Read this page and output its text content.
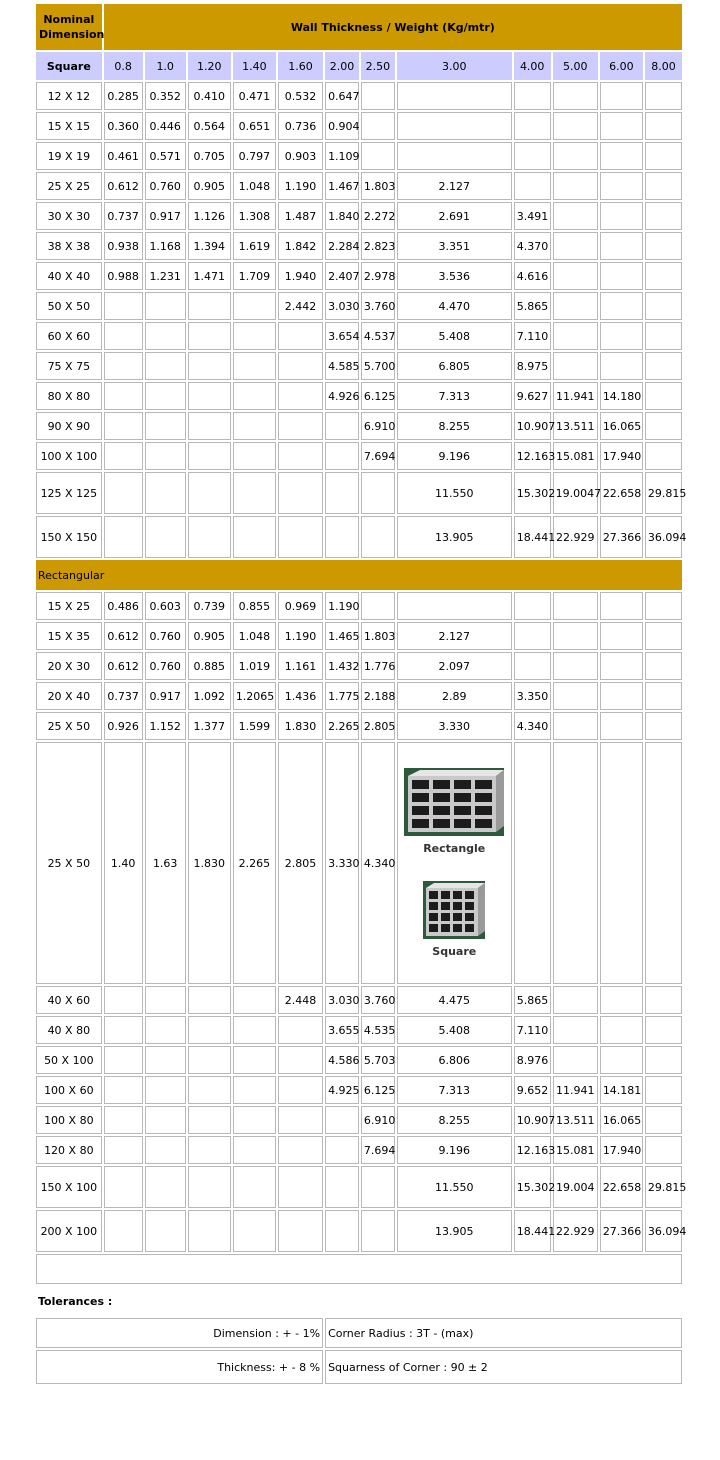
Nominal Dimension	Wall Thickness / Weight (Kg/mtr)											
Square	0.8	1.0	1.20	1.40	1.60	2.00	2.50	3.00	4.00	5.00	6.00	8.00
12 X 12	0.285	0.352	0.410	0.471	0.532	0.647						
15 X 15	0.360	0.446	0.564	0.651	0.736	0.904						
19 X 19	0.461	0.571	0.705	0.797	0.903	1.109						
25 X 25	0.612	0.760	0.905	1.048	1.190	1.467	1.803	2.127				
30 X 30	0.737	0.917	1.126	1.308	1.487	1.840	2.272	2.691	3.491			
38 X 38	0.938	1.168	1.394	1.619	1.842	2.284	2.823	3.351	4.370			
40 X 40	0.988	1.231	1.471	1.709	1.940	2.407	2.978	3.536	4.616			
50 X 50					2.442	3.030	3.760	4.470	5.865			
60 X 60						3.654	4.537	5.408	7.110			
75 X 75						4.585	5.700	6.805	8.975			
80 X 80						4.926	6.125	7.313	9.627	11.941	14.180	
90 X 90							6.910	8.255	10.907	13.511	16.065	
100 X 100							7.694	9.196	12.163	15.081	17.940	
125 X 125								11.550	15.302	19.0047	22.658	29.815
150 X 150								13.905	18.441	22.929	27.366	36.094
Rectangular												
15 X 25	0.486	0.603	0.739	0.855	0.969	1.190						
15 X 35	0.612	0.760	0.905	1.048	1.190	1.465	1.803	2.127				
20 X 30	0.612	0.760	0.885	1.019	1.161	1.432	1.776	2.097				
20 X 40	0.737	0.917	1.092	1.2065	1.436	1.775	2.188	2.89	3.350			
25 X 50	0.926	1.152	1.377	1.599	1.830	2.265	2.805	3.330	4.340			
25 X 50	1.40	1.63	1.830	2.265	2.805	3.330	4.340	Rectangle
Square				

40 X 60					2.448	3.030	3.760	4.475	5.865			
40 X 80						3.655	4.535	5.408	7.110			
50 X 100						4.586	5.703	6.806	8.976			
100 X 60						4.925	6.125	7.313	9.652	11.941	14.181	
100 X 80							6.910	8.255	10.907	13.511	16.065	
120 X 80							7.694	9.196	12.163	15.081	17.940	
150 X 100								11.550	15.302	19.004	22.658	29.815
200 X 100								13.905	18.441	22.929	27.366	36.094

Tolerances :												
Dimension : + - 1%						Corner Radius : 3T - (max)						
Thickness: + - 8 %						Squarness of Corner : 90 ± 2						
